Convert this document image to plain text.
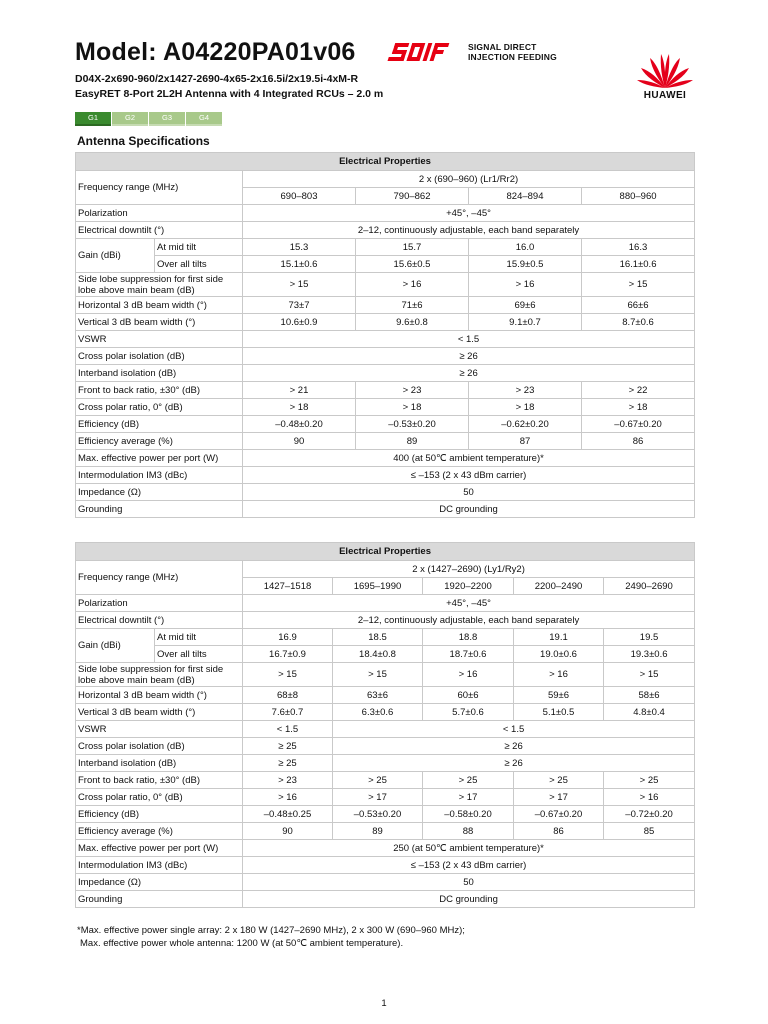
Model: A04220PA01v06
D04X-2x690-960/2x1427-2690-4x65-2x16.5i/2x19.5i-4xM-R
EasyRET 8-Port 2L2H Antenna with 4 Integrated RCUs – 2.0 m
SIGNAL DIRECT
INJECTION FEEDING
HUAWEI
G1	G2	G3	G4
Antenna Specifications
Electrical Properties					
Frequency range (MHz)		2 x (690–960) (Lr1/Rr2)			
		690–803	790–862	824–894	880–960
Polarization		+45°, –45°			
Electrical downtilt (°)		2–12, continuously adjustable, each band separately			
Gain (dBi)	At mid tilt	15.3	15.7	16.0	16.3
	Over all tilts	15.1±0.6	15.6±0.5	15.9±0.5	16.1±0.6
Side lobe suppression for first side
lobe above main beam (dB)		> 15	> 16	> 16	> 15
Horizontal 3 dB beam width (°)		73±7	71±6	69±6	66±6
Vertical 3 dB beam width (°)		10.6±0.9	9.6±0.8	9.1±0.7	8.7±0.6
VSWR		< 1.5			
Cross polar isolation (dB)		≥ 26			
Interband isolation (dB)		≥ 26			
Front to back ratio, ±30° (dB)		> 21	> 23	> 23	> 22
Cross polar ratio, 0° (dB)		> 18	> 18	> 18	> 18
Efficiency (dB)		–0.48±0.20	–0.53±0.20	–0.62±0.20	–0.67±0.20
Efficiency average (%)		90	89	87	86
Max. effective power per port (W)		400 (at 50℃ ambient temperature)*			
Intermodulation IM3 (dBc)		≤ –153 (2 x 43 dBm carrier)			
Impedance (Ω)		50			
Grounding		DC grounding			
Electrical Properties						
Frequency range (MHz)		2 x (1427–2690) (Ly1/Ry2)				
		1427–1518	1695–1990	1920–2200	2200–2490	2490–2690
Polarization		+45°, –45°				
Electrical downtilt (°)		2–12, continuously adjustable, each band separately				
Gain (dBi)	At mid tilt	16.9	18.5	18.8	19.1	19.5
	Over all tilts	16.7±0.9	18.4±0.8	18.7±0.6	19.0±0.6	19.3±0.6
Side lobe suppression for first side
lobe above main beam (dB)		> 15	> 15	> 16	> 16	> 15
Horizontal 3 dB beam width (°)		68±8	63±6	60±6	59±6	58±6
Vertical 3 dB beam width (°)		7.6±0.7	6.3±0.6	5.7±0.6	5.1±0.5	4.8±0.4
VSWR		< 1.5	< 1.5			
Cross polar isolation (dB)		≥ 25	≥ 26			
Interband isolation (dB)		≥ 25	≥ 26			
Front to back ratio, ±30° (dB)		> 23	> 25	> 25	> 25	> 25
Cross polar ratio, 0° (dB)		> 16	> 17	> 17	> 17	> 16
Efficiency (dB)		–0.48±0.25	–0.53±0.20	–0.58±0.20	–0.67±0.20	–0.72±0.20
Efficiency average (%)		90	89	88	86	85
Max. effective power per port (W)		250 (at 50℃ ambient temperature)*				
Intermodulation IM3 (dBc)		≤ –153 (2 x 43 dBm carrier)				
Impedance (Ω)		50				
Grounding		DC grounding				
*Max. effective power single array: 2 x 180 W (1427–2690 MHz), 2 x 300 W (690–960 MHz);
Max. effective power whole antenna: 1200 W (at 50℃ ambient temperature).
1
